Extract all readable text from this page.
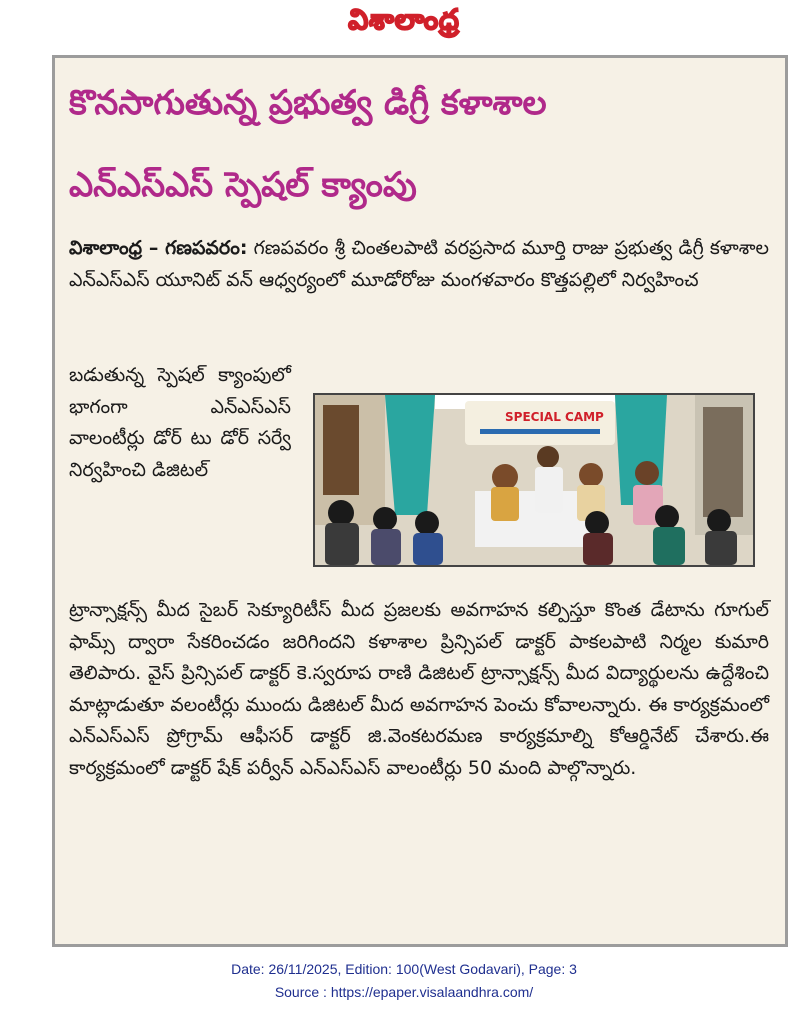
విశాలాంధ్ర
కొనసాగుతున్న ప్రభుత్వ డిగ్రీ కళాశాల
ఎన్ఎస్ఎస్ స్పెషల్ క్యాంపు
విశాలాంధ్ర – గణపవరం: గణపవరం శ్రీ చింతలపాటి వరప్రసాద మూర్తి రాజు ప్రభుత్వ డిగ్రీ కళాశాల ఎన్ఎస్ఎస్ యూనిట్ వన్ ఆధ్వర్యంలో మూడోరోజు మంగళవారం కొత్తపల్లిలో నిర్వహించ
బడుతున్న స్పెషల్ క్యాంపులో భాగంగా ఎన్ఎస్ఎస్ వాలంటీర్లు డోర్ టు డోర్ సర్వే నిర్వహించి డిజిటల్
SPECIAL CAMP
ట్రాన్సాక్షన్స్ మీద సైబర్ సెక్యూరిటీస్ మీద ప్రజలకు అవగాహన కల్పిస్తూ కొంత డేటాను గూగుల్ ఫామ్స్ ద్వారా సేకరించడం జరిగిందని కళాశాల ప్రిన్సిపల్ డాక్టర్ పాకలపాటి నిర్మల కుమారి తెలిపారు. వైస్ ప్రిన్సిపల్ డాక్టర్ కె.స్వరూప రాణి డిజిటల్ ట్రాన్సాక్షన్స్ మీద విద్యార్థులను ఉద్దేశించి మాట్లాడుతూ వలంటీర్లు ముందు డిజిటల్ మీద అవగాహన పెంచు కోవాలన్నారు. ఈ కార్యక్రమంలో ఎన్ఎస్ఎస్ ప్రోగ్రామ్ ఆఫీసర్ డాక్టర్ జి.వెంకటరమణ కార్యక్రమాల్ని కోఆర్డినేట్ చేశారు.ఈ కార్యక్రమంలో డాక్టర్ షేక్ పర్వీన్ ఎన్ఎస్ఎస్ వాలంటీర్లు 50 మంది పాల్గొన్నారు.
Date: 26/11/2025, Edition: 100(West Godavari), Page: 3
Source : https://epaper.visalaandhra.com/
